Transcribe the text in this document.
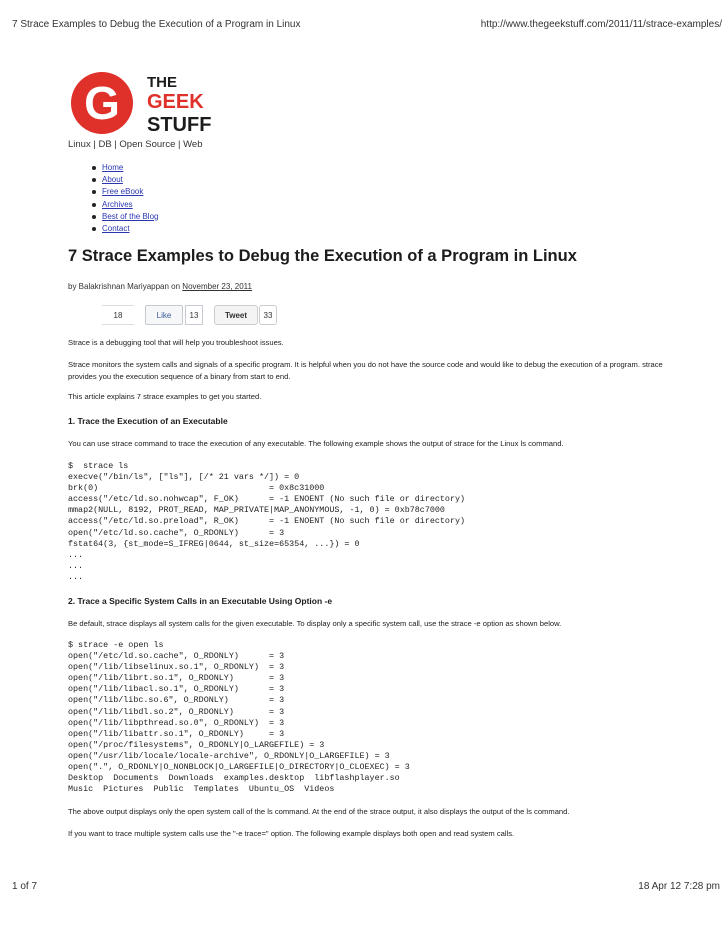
7 Strace Examples to Debug the Execution of a Program in Linux	http://www.thegeekstuff.com/2011/11/strace-examples/
G THE
GEEK
STUFF
Linux | DB | Open Source | Web
Home
About
Free eBook
Archives
Best of the Blog
Contact
7 Strace Examples to Debug the Execution of a Program in Linux
by Balakrishnan Mariyappan on November 23, 2011
18	Like	13	Tweet	33

Strace is a debugging tool that will help you troubleshoot issues.

Strace monitors the system calls and signals of a specific program. It is helpful when you do not have the source code and would like to debug the execution of a program. strace provides you the execution sequence of a binary from start to end.

This article explains 7 strace examples to get you started.

1. Trace the Execution of an Executable

You can use strace command to trace the execution of any executable. The following example shows the output of strace for the Linux ls command.

$  strace ls
execve("/bin/ls", ["ls"], [/* 21 vars */]) = 0
brk(0)                                  = 0x8c31000
access("/etc/ld.so.nohwcap", F_OK)      = -1 ENOENT (No such file or directory)
mmap2(NULL, 8192, PROT_READ, MAP_PRIVATE|MAP_ANONYMOUS, -1, 0) = 0xb78c7000
access("/etc/ld.so.preload", R_OK)      = -1 ENOENT (No such file or directory)
open("/etc/ld.so.cache", O_RDONLY)      = 3
fstat64(3, {st_mode=S_IFREG|0644, st_size=65354, ...}) = 0
...
...
...
2. Trace a Specific System Calls in an Executable Using Option -e

Be default, strace displays all system calls for the given executable. To display only a specific system call, use the strace -e option as shown below.

$ strace -e open ls
open("/etc/ld.so.cache", O_RDONLY)      = 3
open("/lib/libselinux.so.1", O_RDONLY)  = 3
open("/lib/librt.so.1", O_RDONLY)       = 3
open("/lib/libacl.so.1", O_RDONLY)      = 3
open("/lib/libc.so.6", O_RDONLY)        = 3
open("/lib/libdl.so.2", O_RDONLY)       = 3
open("/lib/libpthread.so.0", O_RDONLY)  = 3
open("/lib/libattr.so.1", O_RDONLY)     = 3
open("/proc/filesystems", O_RDONLY|O_LARGEFILE) = 3
open("/usr/lib/locale/locale-archive", O_RDONLY|O_LARGEFILE) = 3
open(".", O_RDONLY|O_NONBLOCK|O_LARGEFILE|O_DIRECTORY|O_CLOEXEC) = 3
Desktop  Documents  Downloads  examples.desktop  libflashplayer.so
Music  Pictures  Public  Templates  Ubuntu_OS  Videos

The above output displays only the open system call of the ls command. At the end of the strace output, it also displays the output of the ls command.

If you want to trace multiple system calls use the "-e trace=" option. The following example displays both open and read system calls.

1 of 7	18 Apr 12 7:28 pm
